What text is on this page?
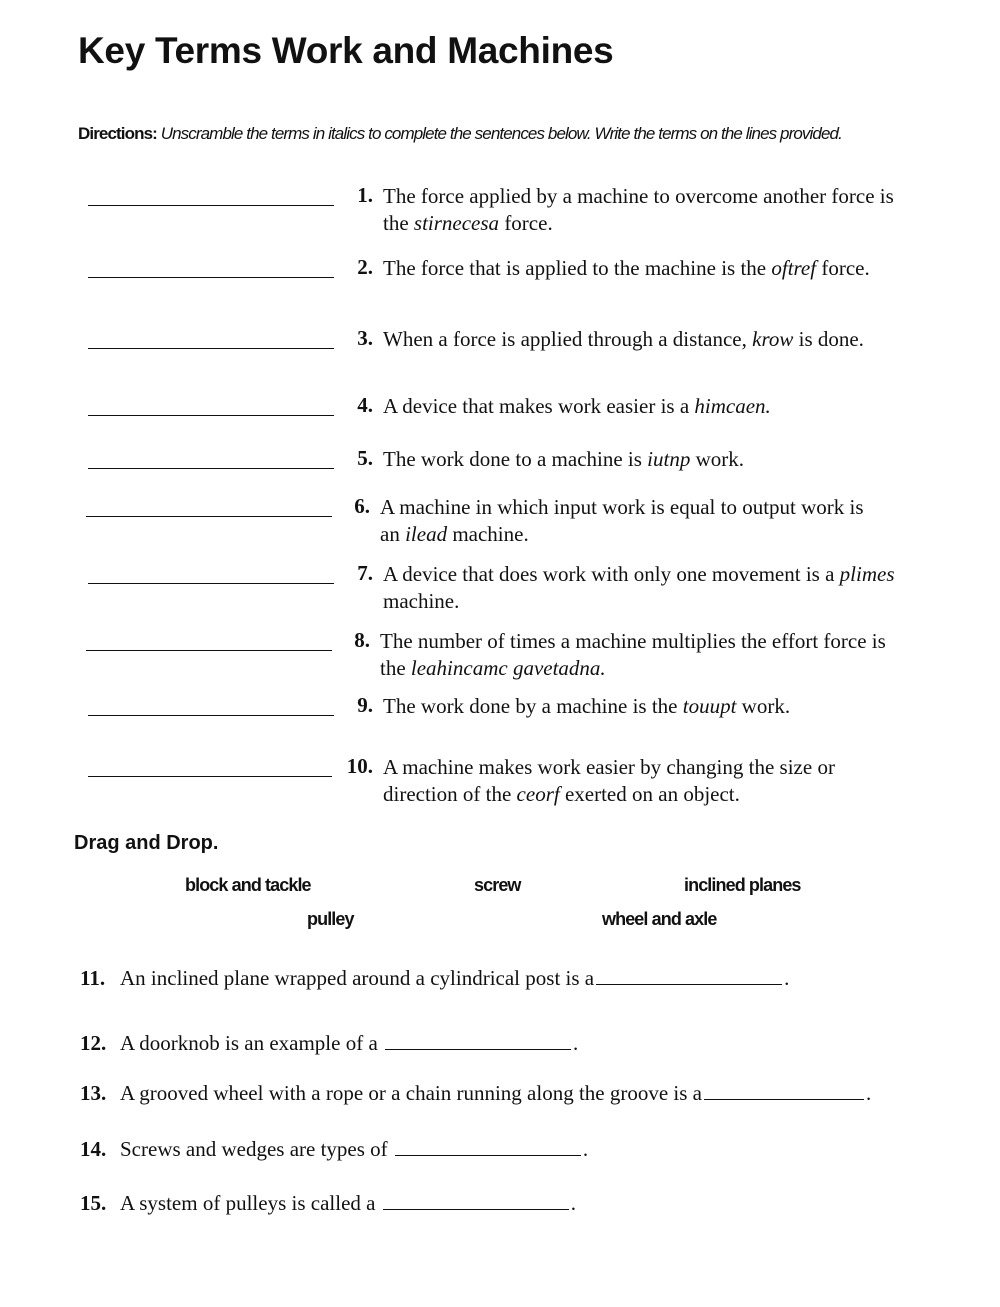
Key Terms Work and Machines
Directions: Unscramble the terms in italics to complete the sentences below. Write the terms on the lines provided.
1. The force applied by a machine to overcome another force is the stirnecesa force.
2. The force that is applied to the machine is the oftref force.
3. When a force is applied through a distance, krow is done.
4. A device that makes work easier is a himcaen.
5. The work done to a machine is iutnp work.
6. A machine in which input work is equal to output work is an ilead machine.
7. A device that does work with only one movement is a plimes machine.
8. The number of times a machine multiplies the effort force is the leahincamc gavetadna.
9. The work done by a machine is the touupt work.
10. A machine makes work easier by changing the size or direction of the ceorf exerted on an object.
Drag and Drop.
block and tackle	screw	inclined planes
pulley	wheel and axle
11. An inclined plane wrapped around a cylindrical post is a	.
12. A doorknob is an example of a	.
13. A grooved wheel with a rope or a chain running along the groove is a	.
14. Screws and wedges are types of	.
15. A system of pulleys is called a	.
